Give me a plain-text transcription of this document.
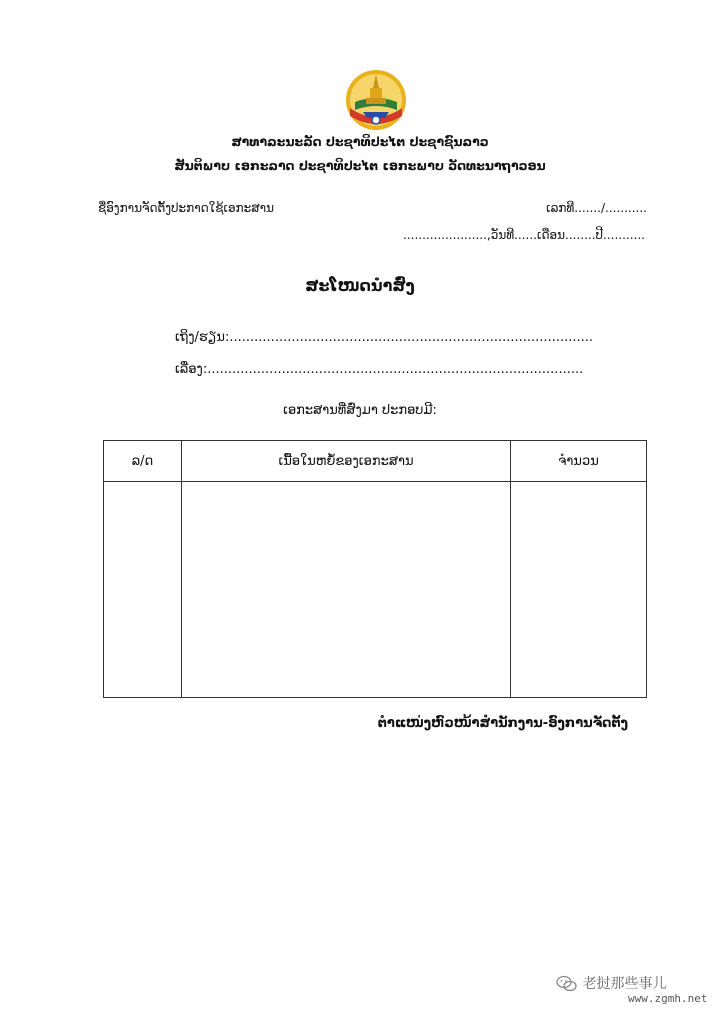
ສາທາລະນະລັດ ປະຊາທິປະໄຕ ປະຊາຊົນລາວ
ສັນຕິພາບ ເອກະລາດ ປະຊາທິປະໄຕ ເອກະພາບ ວັດທະນາຖາວອນ
ຊື່ອົງການຈັດຕັ້ງປະກາດໃຊ້ເອກະສານ	ເລກທີ......./...........
......................,ວັນທີ......ເດືອນ........ປີ...........
ສະໂໜດນຳສົ່ງ
ເຖິງ/ຮຽນ:........................................................................................
ເລື່ອງ:...........................................................................................
ເອກະສານທີ່ສົ່ງມາ ປະກອບມີ:
ລ/ດ	ເນື້ອໃນຫຍໍ້ຂອງເອກະສານ	ຈຳນວນ

ຕຳແໜ່ງຫົວໜ້າສຳນັກງານ-ອົງການຈັດຕັ້ງ
老挝那些事儿
www.zgmh.net
